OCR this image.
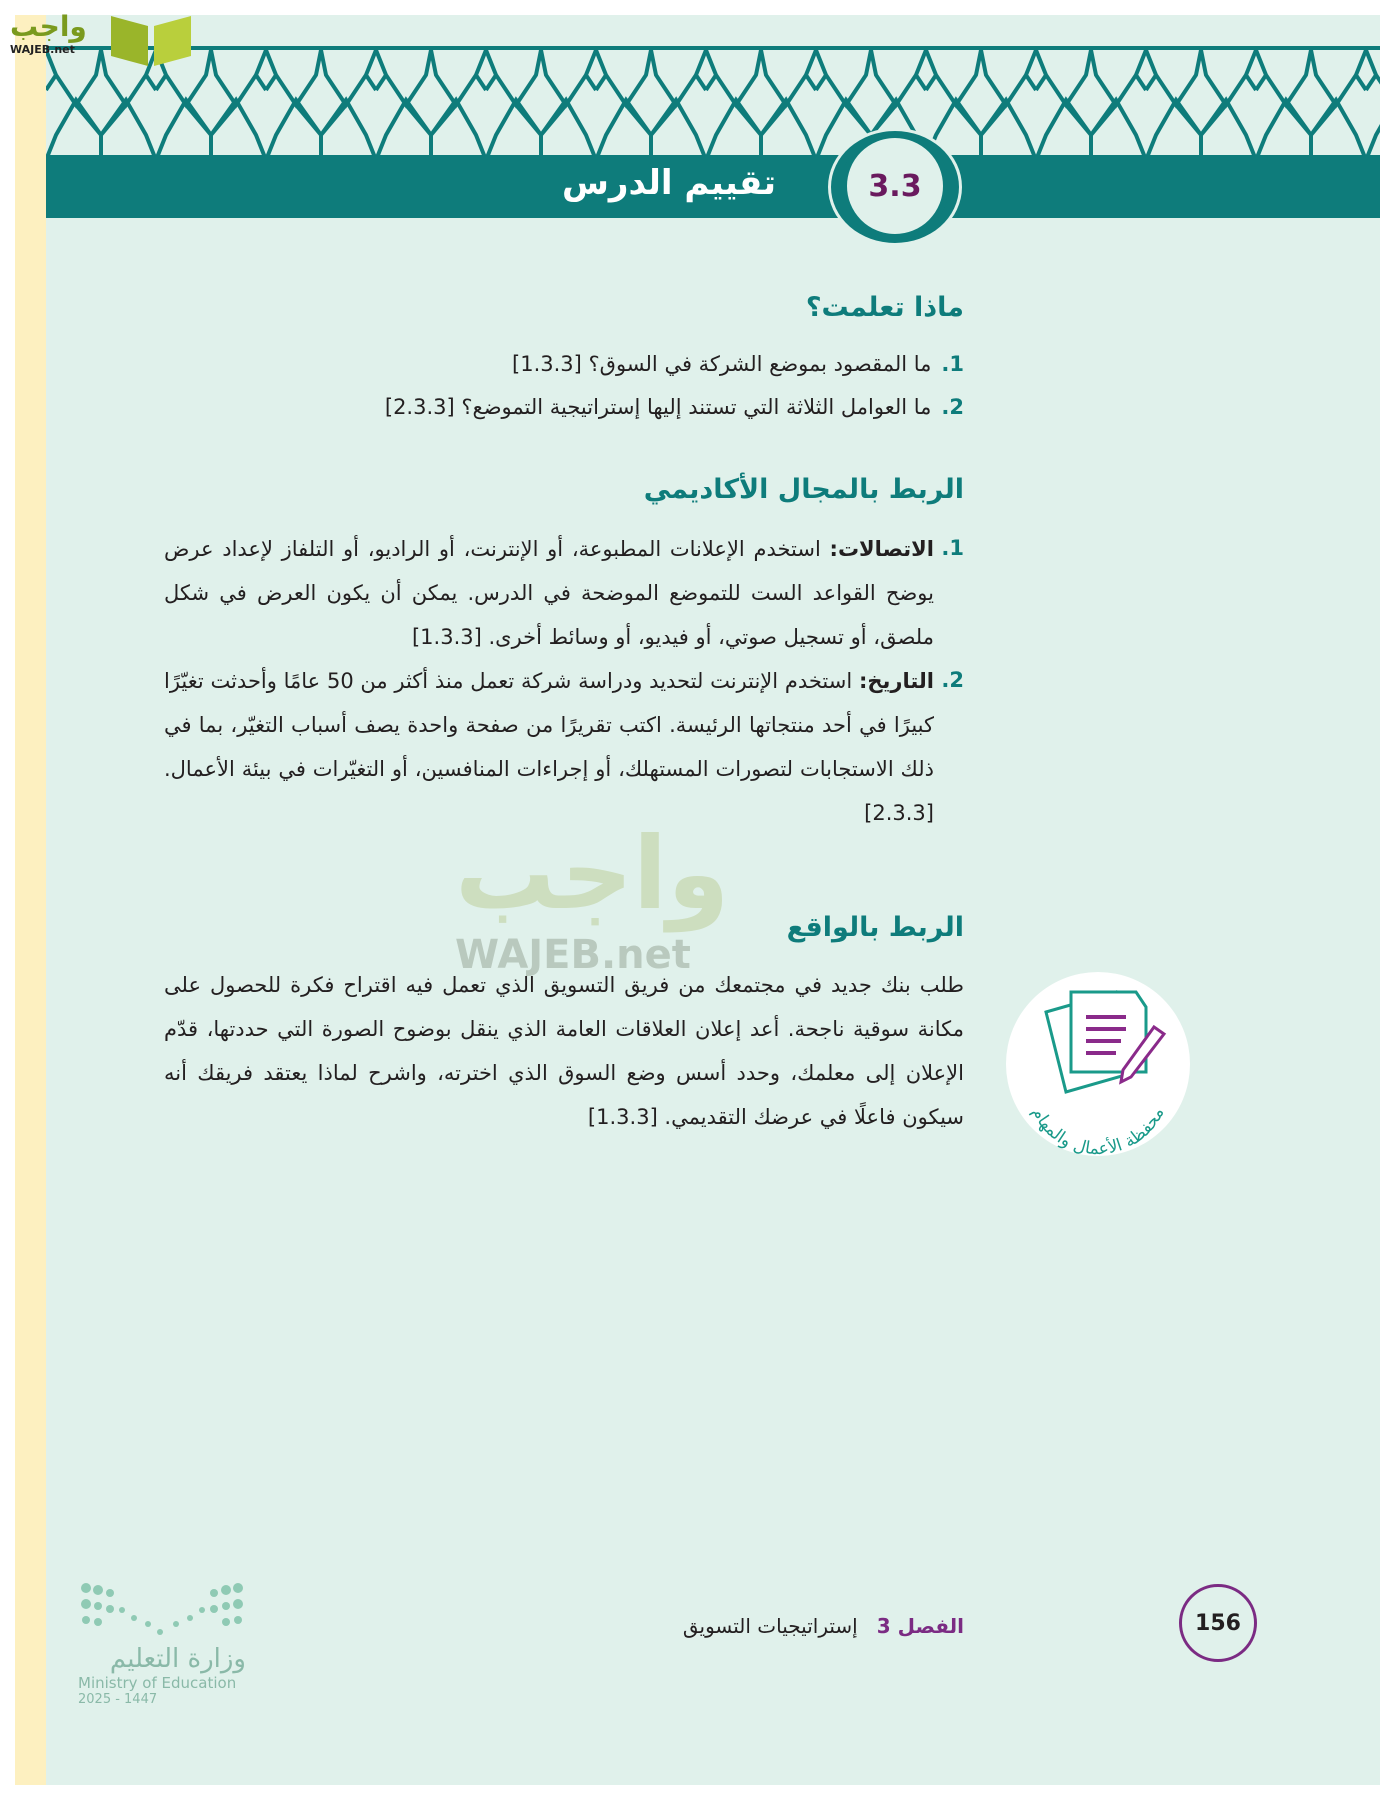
تقييم الدرس	3.3
واجب
WAJEB.net
واجب
WAJEB.net
ماذا تعلمت؟
1.
ما المقصود بموضع الشركة في السوق؟ [1.3.3]
2.
ما العوامل الثلاثة التي تستند إليها إستراتيجية التموضع؟ [2.3.3]
الربط بالمجال الأكاديمي
1.
الاتصالات: استخدم الإعلانات المطبوعة، أو الإنترنت، أو الراديو، أو التلفاز لإعداد عرض يوضح القواعد الست للتموضع الموضحة في الدرس. يمكن أن يكون العرض في شكل ملصق، أو تسجيل صوتي، أو فيديو، أو وسائط أخرى. [1.3.3]
2.
التاريخ: استخدم الإنترنت لتحديد ودراسة شركة تعمل منذ أكثر من 50 عامًا وأحدثت تغيّرًا كبيرًا في أحد منتجاتها الرئيسة. اكتب تقريرًا من صفحة واحدة يصف أسباب التغيّر، بما في ذلك الاستجابات لتصورات المستهلك، أو إجراءات المنافسين، أو التغيّرات في بيئة الأعمال. [2.3.3]
الربط بالواقع
طلب بنك جديد في مجتمعك من فريق التسويق الذي تعمل فيه اقتراح فكرة للحصول على مكانة سوقية ناجحة. أعد إعلان العلاقات العامة الذي ينقل بوضوح الصورة التي حددتها، قدّم الإعلان إلى معلمك، وحدد أسس وضع السوق الذي اخترته، واشرح لماذا يعتقد فريقك أنه سيكون فاعلًا في عرضك التقديمي. [1.3.3]	محفظة الأعمال والمهام
الفصل 3   إستراتيجيات التسويق	156
وزارة التعليم
Ministry of Education
2025 - 1447
